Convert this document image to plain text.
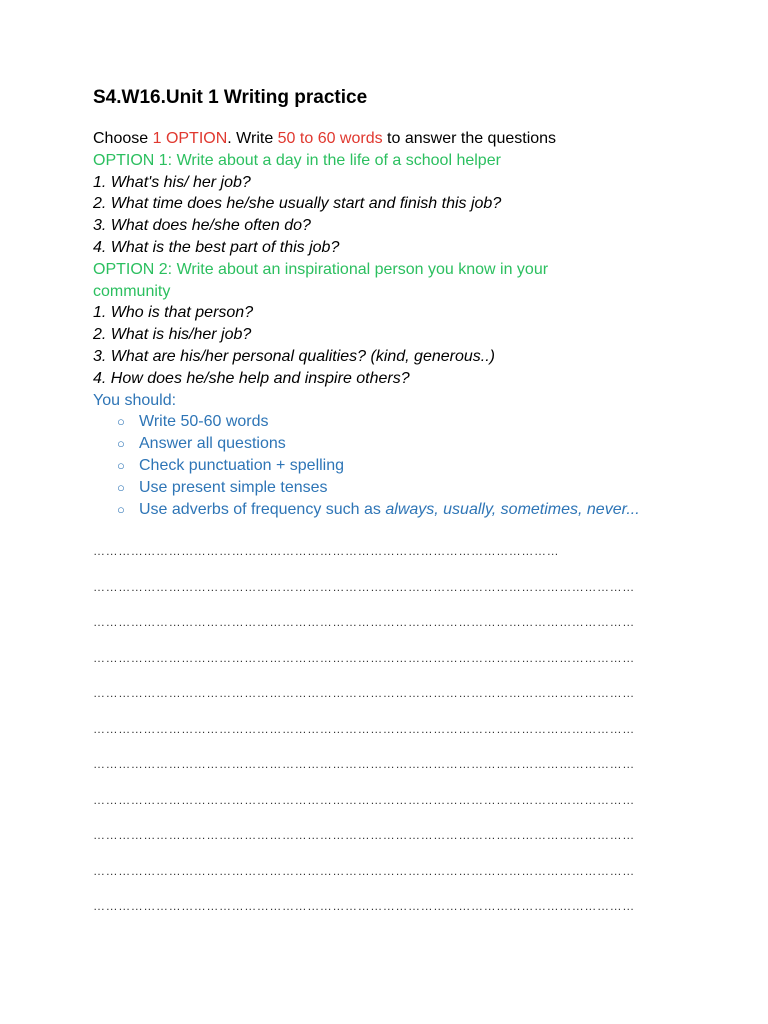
S4.W16.Unit 1 Writing practice
Choose 1 OPTION. Write 50 to 60 words to answer the questions
OPTION 1: Write about a day in the life of a school helper
1. What's his/ her job?
2. What time does he/she usually start and finish this job?
3. What does he/she often do?
4. What is the best part of this job?
OPTION 2: Write about an inspirational person you know in your
community
1. Who is that person?
2. What is his/her job?
3. What are his/her personal qualities? (kind, generous..)
4. How does he/she help and inspire others?
You should:
○ Write 50-60 words
○ Answer all questions
○ Check punctuation + spelling
○ Use present simple tenses
○ Use adverbs of frequency such as always, usually, sometimes, never...
…………………………………………………………………………………………………
…………………………………………………………………………………………………………………
…………………………………………………………………………………………………………………
…………………………………………………………………………………………………………………
…………………………………………………………………………………………………………………
…………………………………………………………………………………………………………………
…………………………………………………………………………………………………………………
…………………………………………………………………………………………………………………
…………………………………………………………………………………………………………………
…………………………………………………………………………………………………………………
…………………………………………………………………………………………………………………
